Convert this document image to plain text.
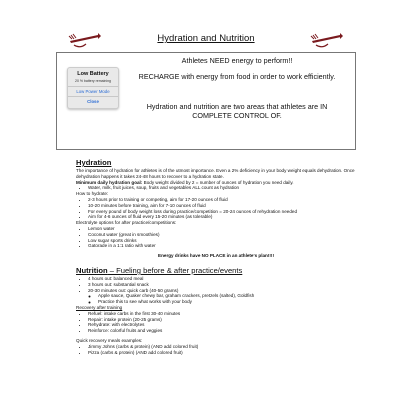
Hydration and Nutrition
Low Battery
20 % battery remaining
Low Power Mode
Close
Athletes NEED energy to perform!!
RECHARGE with energy from food in order to work efficiently.
Hydration and nutrition are two areas that athletes are IN COMPLETE CONTROL OF.
Hydration

The importance of hydration for athletes is of the utmost importance. Even a 2% deficiency in your body weight equals dehydration. Once dehydration happens it takes 24-48 hours to recover to a hydration state.

Minimum daily hydration goal: Body weight divided by 2 = number of ounces of hydration you need daily.

• Water, milk, fruit juices, soup, fruits and vegetables ALL count as hydration

How to hydrate:

• 2-3 hours prior to training or competing, aim for 17-20 ounces of fluid
• 10-20 minutes before training, aim for 7-10 ounces of fluid
• For every pound of body weight loss during practice/competition = 20-24 ounces of rehydration needed
• Aim for 4-6 ounces of fluid every 15-20 minutes (as tolerable)

Electrolyte options for after practice/competitions:

• Lemon water
• Coconut water (great in smoothies)
• Low sugar sports drinks
• Gatorade in a 1:1 ratio with water

Energy drinks have NO PLACE in an athlete's plan!!!!

Nutrition – Fueling before & after practice/events
• 4 hours out: balanced meal
• 3 hours out: substantial snack
• 20-30 minutes out: quick carb (40-50 grams)
◦ Apple sauce, Quaker chewy bar, graham crackers, pretzels (salted), Goldfish
◦ Practice this to see what works with your body

Recovery after training

• Refuel: intake carbs in the first 30-40 minutes
• Repair: intake protein (20-25 grams)
• Rehydrate: with electrolytes
• Reinforce: colorful fruits and veggies

Quick recovery meals examples:

• Jimmy Johns (carbs & protein) (AND add colored fruit)
• Pizza (carbs & protein) (AND add colored fruit)
